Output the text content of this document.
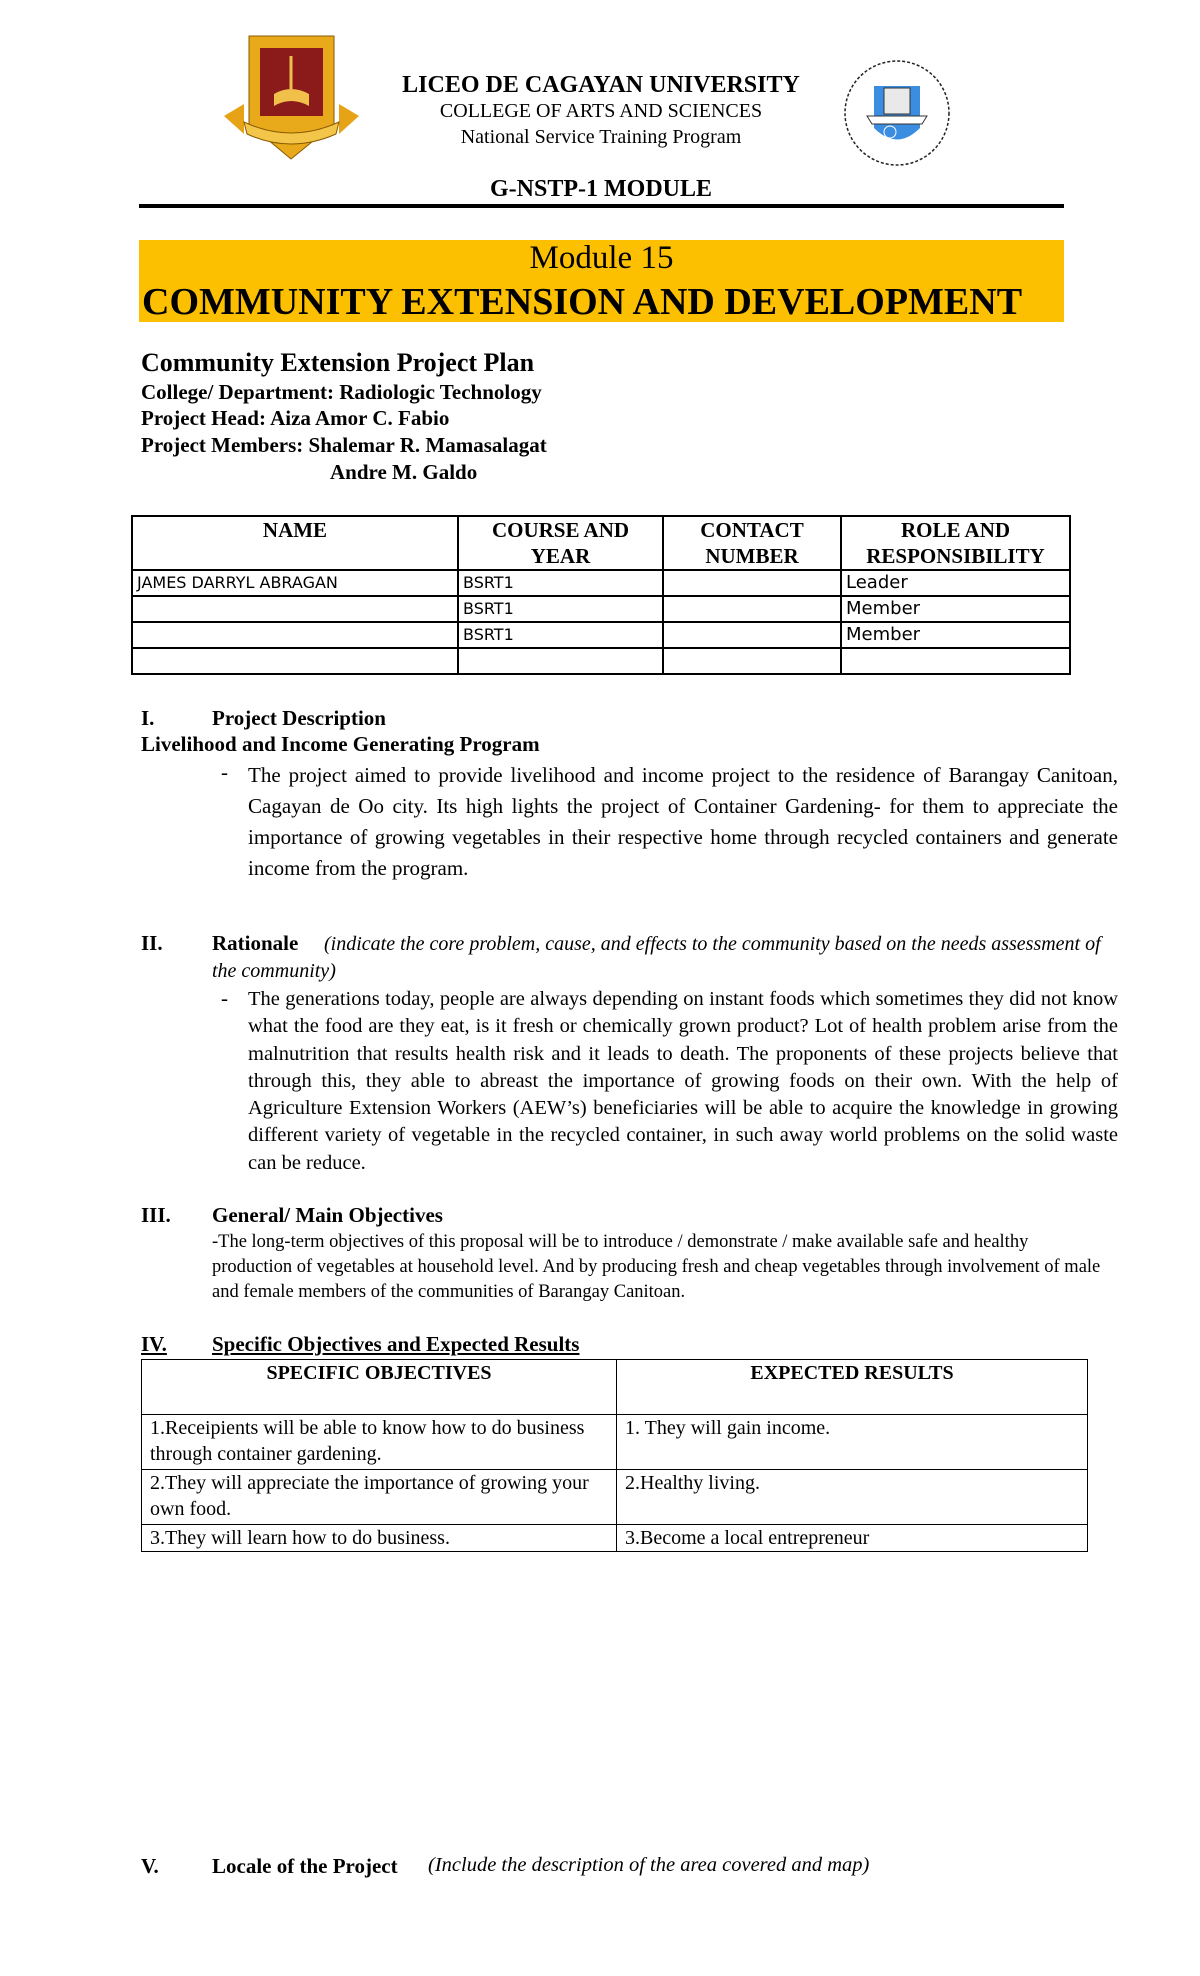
LICEO DE CAGAYAN UNIVERSITY
COLLEGE OF ARTS AND SCIENCES
National Service Training Program
G-NSTP-1 MODULE
Module 15
COMMUNITY EXTENSION AND DEVELOPMENT
Community Extension Project Plan
College/ Department: Radiologic Technology
Project Head: Aiza Amor C. Fabio
Project Members: Shalemar R. Mamasalagat
Andre M. Galdo
NAME	COURSE AND YEAR	CONTACT NUMBER	ROLE AND RESPONSIBILITY
JAMES DARRYL ABRAGAN	BSRT1		Leader
	BSRT1		Member
	BSRT1		Member

I.	Project Description
Livelihood and Income Generating Program
- The project aimed to provide livelihood and income project to the residence of Barangay Canitoan, Cagayan de Oo city. Its high lights the project of Container Gardening- for them to appreciate the importance of growing vegetables in their respective home through recycled containers and generate income from the program.
II. Rationale	(indicate the core problem, cause, and effects to the community based on the needs assessment of the community)
- The generations today, people are always depending on instant foods which sometimes they did not know what the food are they eat, is it fresh or chemically grown product? Lot of health problem arise from the malnutrition that results health risk and it leads to death. The proponents of these projects believe that through this, they able to abreast the importance of growing foods on their own. With the help of Agriculture Extension Workers (AEW’s) beneficiaries will be able to acquire the knowledge in growing different variety of vegetable in the recycled container, in such away world problems on the solid waste can be reduce.
III. General/ Main Objectives
-The long-term objectives of this proposal will be to introduce / demonstrate / make available safe and healthy production of vegetables at household level. And by producing fresh and cheap vegetables through involvement of male and female members of the communities of Barangay Canitoan.
IV. Specific Objectives and Expected Results
SPECIFIC OBJECTIVES	EXPECTED RESULTS
1.Receipients will be able to know how to do business through container gardening.	1. They will gain income.
2.They will appreciate the importance of growing your own food.	2.Healthy living.
3.They will learn how to do business.	3.Become a local entrepreneur
V.	Locale of the Project (Include the description of the area covered and map)
